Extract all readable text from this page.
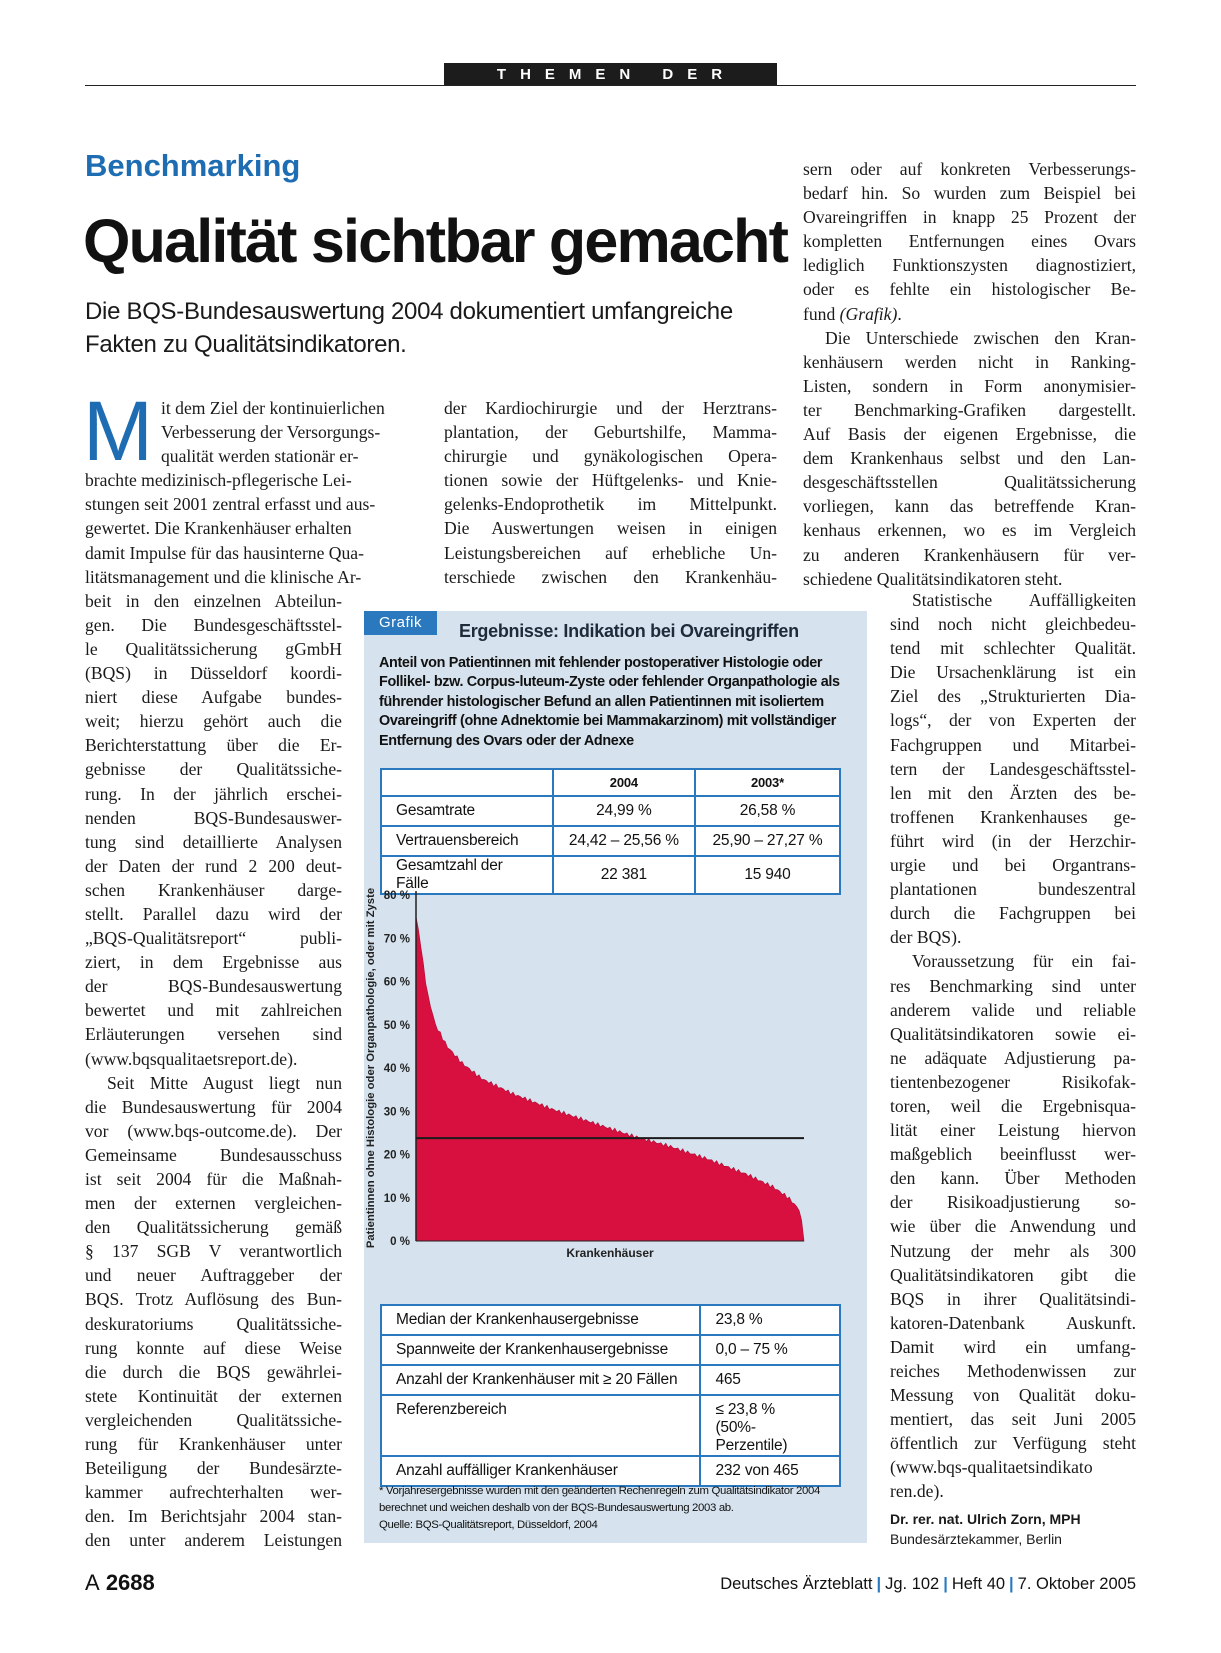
THEMEN DER ZEIT
Benchmarking
Qualität sichtbar gemacht
Die BQS-Bundesauswertung 2004 dokumentiert umfangreiche Fakten zu Qualitätsindikatoren.
M it dem Ziel der kontinuierlichen
Verbesserung der Versorgungs-
qualität werden stationär er-
brachte medizinisch-pflegerische Lei-
stungen seit 2001 zentral erfasst und aus-
gewertet. Die Krankenhäuser erhalten
damit Impulse für das hausinterne Qua-
litätsmanagement und die klinische Ar-
beit in den einzelnen Abteilun-
gen. Die Bundesgeschäftsstel-
le Qualitätssicherung gGmbH
(BQS) in Düsseldorf koordi-
niert diese Aufgabe bundes-
weit; hierzu gehört auch die
Berichterstattung über die Er-
gebnisse der Qualitätssiche-
rung. In der jährlich erschei-
nenden BQS-Bundesauswer-
tung sind detaillierte Analysen
der Daten der rund 2 200 deut-
schen Krankenhäuser darge-
stellt. Parallel dazu wird der
„BQS-Qualitätsreport“ publi-
ziert, in dem Ergebnisse aus
der BQS-Bundesauswertung
bewertet und mit zahlreichen
Erläuterungen versehen sind
(www.bqsqualitaetsreport.de).
Seit Mitte August liegt nun
die Bundesauswertung für 2004
vor (www.bqs-outcome.de). Der
Gemeinsame Bundesausschuss
ist seit 2004 für die Maßnah-
men der externen vergleichen-
den Qualitätssicherung gemäß
§ 137 SGB V verantwortlich
und neuer Auftraggeber der
BQS. Trotz Auflösung des Bun-
deskuratoriums Qualitätssiche-
rung konnte auf diese Weise
die durch die BQS gewährlei-
stete Kontinuität der externen
vergleichenden Qualitätssiche-
rung für Krankenhäuser unter
Beteiligung der Bundesärzte-
kammer aufrechterhalten wer-
den. Im Berichtsjahr 2004 stan-
den unter anderem Leistungen
der Kardiochirurgie und der Herztrans-
plantation, der Geburtshilfe, Mamma-
chirurgie und gynäkologischen Opera-
tionen sowie der Hüftgelenks- und Knie-
gelenks-Endoprothetik im Mittelpunkt.
Die Auswertungen weisen in einigen
Leistungsbereichen auf erhebliche Un-
terschiede zwischen den Krankenhäu-
sern oder auf konkreten Verbesserungs-
bedarf hin. So wurden zum Beispiel bei
Ovareingriffen in knapp 25 Prozent der
kompletten Entfernungen eines Ovars
lediglich Funktionszysten diagnostiziert,
oder es fehlte ein histologischer Be-
fund (Grafik).
Die Unterschiede zwischen den Kran-
kenhäusern werden nicht in Ranking-
Listen, sondern in Form anonymisier-
ter Benchmarking-Grafiken dargestellt.
Auf Basis der eigenen Ergebnisse, die
dem Krankenhaus selbst und den Lan-
desgeschäftsstellen Qualitätssicherung
vorliegen, kann das betreffende Kran-
kenhaus erkennen, wo es im Vergleich
zu anderen Krankenhäusern für ver-
schiedene Qualitätsindikatoren steht.
Statistische Auffälligkeiten
sind noch nicht gleichbedeu-
tend mit schlechter Qualität.
Die Ursachenklärung ist ein
Ziel des „Strukturierten Dia-
logs“, der von Experten der
Fachgruppen und Mitarbei-
tern der Landesgeschäftsstel-
len mit den Ärzten des be-
troffenen Krankenhauses ge-
führt wird (in der Herzchir-
urgie und bei Organtrans-
plantationen bundeszentral
durch die Fachgruppen bei
der BQS).
Voraussetzung für ein fai-
res Benchmarking sind unter
anderem valide und reliable
Qualitätsindikatoren sowie ei-
ne adäquate Adjustierung pa-
tientenbezogener Risikofak-
toren, weil die Ergebnisqua-
lität einer Leistung hiervon
maßgeblich beeinflusst wer-
den kann. Über Methoden
der Risikoadjustierung so-
wie über die Anwendung und
Nutzung der mehr als 300
Qualitätsindikatoren gibt die
BQS in ihrer Qualitätsindi-
katoren-Datenbank Auskunft.
Damit wird ein umfang-
reiches Methodenwissen zur
Messung von Qualität doku-
mentiert, das seit Juni 2005
öffentlich zur Verfügung steht
(www.bqs-qualitaetsindikato
ren.de).
Dr. rer. nat. Ulrich Zorn, MPH
Bundesärztekammer, Berlin
Grafik	Ergebnisse: Indikation bei Ovareingriffen
Anteil von Patientinnen mit fehlender postoperativer Histologie oder Follikel- bzw. Corpus-luteum-Zyste oder fehlender Organpathologie als führender histologischer Befund an allen Patientinnen mit isoliertem Ovareingriff (ohne Adnektomie bei Mammakarzinom) mit vollständiger Entfernung des Ovars oder der Adnexe
	2004	2003*
Gesamtrate	24,99 %	26,58 %
Vertrauensbereich	24,42 – 25,56 %	25,90 – 27,27 %
Gesamtzahl der Fälle	22 381	15 940
0 %
10 %
20 %
30 %
40 %
50 %
60 %
70 %
80 %
Krankenhäuser
Patientinnen ohne Histologie oder Organpathologie, oder mit Zyste
Median der Krankenhausergebnisse	23,8 %
Spannweite der Krankenhausergebnisse	0,0 – 75 %
Anzahl der Krankenhäuser mit ≥ 20 Fällen	465
Referenzbereich	≤ 23,8 %
(50%-Perzentile)

Anzahl auffälliger Krankenhäuser	232 von 465
* Vorjahresergebnisse wurden mit den geänderten Rechenregeln zum Qualitätsindikator 2004
berechnet und weichen deshalb von der BQS-Bundesauswertung 2003 ab.
Quelle: BQS-Qualitätsreport, Düsseldorf, 2004
A 2688	Deutsches Ärzteblatt | Jg. 102 | Heft 40 | 7. Oktober 2005
